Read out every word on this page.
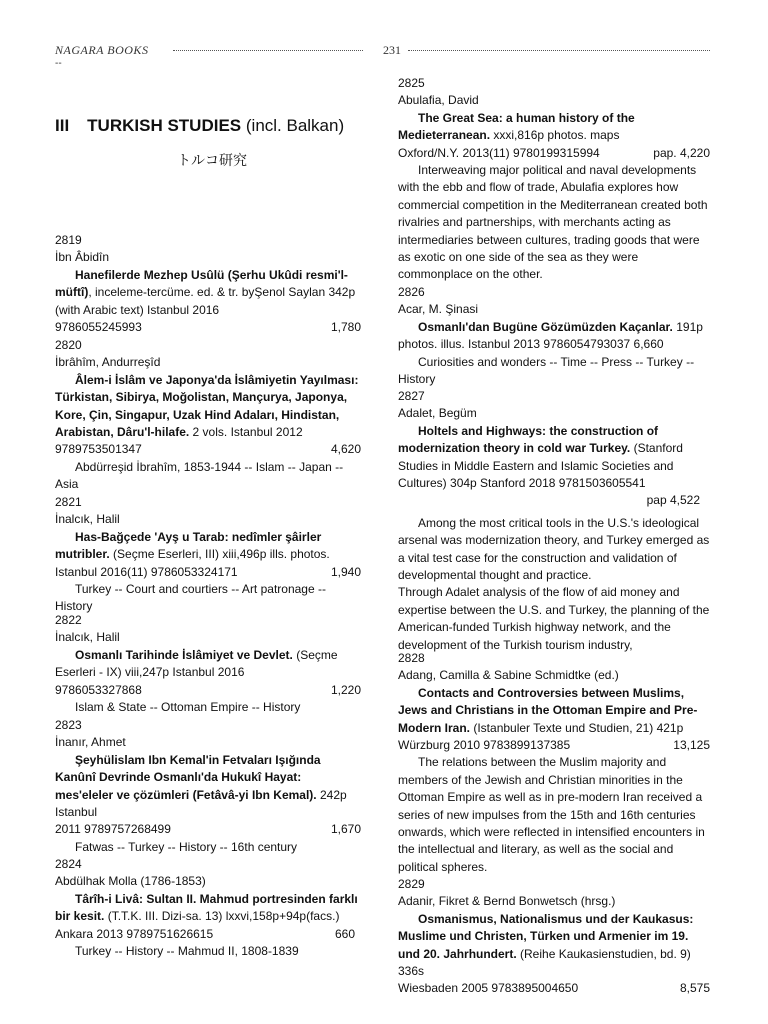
NAGARA BOOKS	231
--
III TURKISH STUDIES (incl. Balkan)
トルコ研究
2819
İbn Âbidîn
Hanefilerde Mezhep Usûlü (Şerhu Ukûdi resmi'l-müftî), inceleme-tercüme. ed. & tr. byŞenol Saylan 342p (with Arabic text) Istanbul 2016
9786055245993	1,780
2820
İbrâhîm, Andurreşîd
Âlem-i İslâm ve Japonya'da İslâmiyetin Yayılması: Türkistan, Sibirya, Moğolistan, Mançurya, Japonya, Kore, Çin, Singapur, Uzak Hind Adaları, Hindistan, Arabistan, Dâru'l-hilafe. 2 vols. Istanbul 2012
9789753501347	4,620
Abdürreşid İbrahîm, 1853-1944 -- Islam -- Japan -- Asia
2821
İnalcık, Halil
Has-Bağçede 'Ayş u Tarab: nedîmler şâirler mutribler. (Seçme Eserleri, III) xiii,496p ills. photos.
Istanbul 2016(11) 9786053324171	1,940
Turkey -- Court and courtiers -- Art patronage -- History
2822
İnalcık, Halil
Osmanlı Tarihinde İslâmiyet ve Devlet. (Seçme Eserleri - IX) viii,247p Istanbul 2016
9786053327868	1,220
Islam & State -- Ottoman Empire -- History
2823
İnanır, Ahmet
Şeyhülislam Ibn Kemal'in Fetvaları Işığında Kanûnî Devrinde Osmanlı'da Hukukî Hayat: mes'eleler ve çözümleri (Fetâvâ-yi Ibn Kemal). 242p Istanbul
2011 9789757268499	1,670
Fatwas -- Turkey -- History -- 16th century
2824
Abdülhak Molla (1786-1853)
Târîh-i Livâ: Sultan II. Mahmud portresinden farklı bir kesit. (T.T.K. III. Dizi-sa. 13) lxxvi,158p+94p(facs.)
Ankara 2013 9789751626615	660
Turkey -- History -- Mahmud II, 1808-1839
2825
Abulafia, David
The Great Sea: a human history of the Medieterranean. xxxi,816p photos. maps
Oxford/N.Y. 2013(11) 9780199315994	pap. 4,220
Interweaving major political and naval developments with the ebb and flow of trade, Abulafia explores how commercial competition in the Mediterranean created both rivalries and partnerships, with merchants acting as intermediaries between cultures, trading goods that were as exotic on one side of the sea as they were commonplace on the other.
2826
Acar, M. Şinasi
Osmanlı'dan Bugüne Gözümüzden Kaçanlar. 191p
photos. illus. Istanbul 2013 9786054793037 6,660
Curiosities and wonders -- Time -- Press -- Turkey -- History
2827
Adalet, Begüm
Holtels and Highways: the construction of modernization theory in cold war Turkey. (Stanford Studies in Middle Eastern and Islamic Societies and Cultures) 304p Stanford 2018 9781503605541
pap 4,522
Among the most critical tools in the U.S.'s ideological arsenal was modernization theory, and Turkey emerged as a vital test case for the construction and validation of developmental thought and practice.
Through Adalet analysis of the flow of aid money and expertise between the U.S. and Turkey, the planning of the American-funded Turkish highway network, and the development of the Turkish tourism industry,
2828
Adang, Camilla & Sabine Schmidtke (ed.)
Contacts and Controversies between Muslims, Jews and Christians in the Ottoman Empire and Pre-Modern Iran. (Istanbuler Texte und Studien, 21) 421p
Würzburg 2010 9783899137385	13,125
The relations between the Muslim majority and members of the Jewish and Christian minorities in the Ottoman Empire as well as in pre-modern Iran received a series of new impulses from the 15th and 16th centuries onwards, which were reflected in intensified encounters in the intellectual and literary, as well as the social and political spheres.
2829
Adanir, Fikret & Bernd Bonwetsch (hrsg.)
Osmanismus, Nationalismus und der Kaukasus: Muslime und Christen, Türken und Armenier im 19. und 20. Jahrhundert. (Reihe Kaukasienstudien, bd. 9) 336s
Wiesbaden 2005 9783895004650	8,575
